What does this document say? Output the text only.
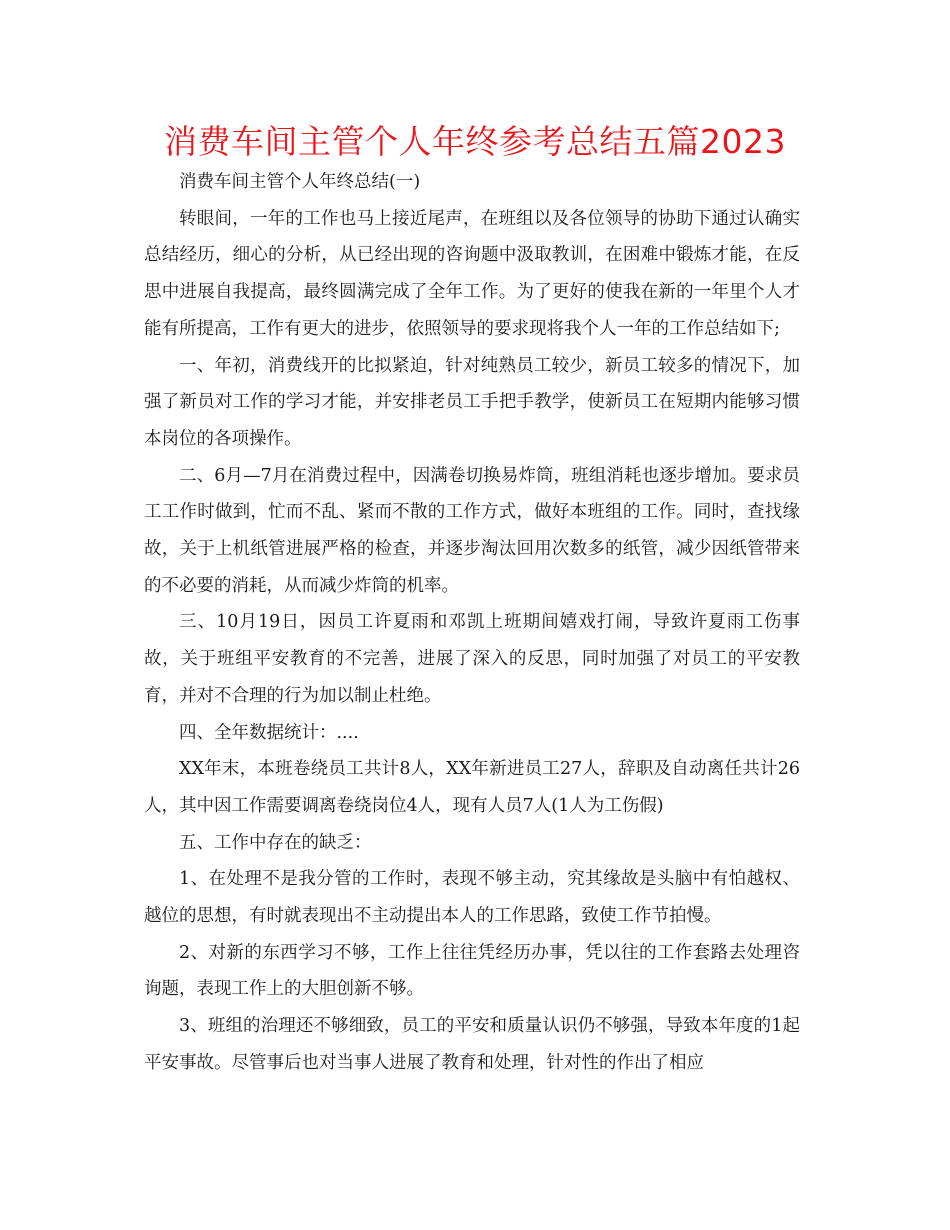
消费车间主管个人年终参考总结五篇2023

消费车间主管个人年终总结(一)

转眼间，一年的工作也马上接近尾声，在班组以及各位领导的协助下通过认确实总结经历，细心的分析，从已经出现的咨询题中汲取教训，在困难中锻炼才能，在反思中进展自我提高，最终圆满完成了全年工作。为了更好的使我在新的一年里个人才能有所提高，工作有更大的进步，依照领导的要求现将我个人一年的工作总结如下;

一、年初，消费线开的比拟紧迫，针对纯熟员工较少，新员工较多的情况下，加强了新员对工作的学习才能，并安排老员工手把手教学，使新员工在短期内能够习惯本岗位的各项操作。

二、6月—7月在消费过程中，因满卷切换易炸筒，班组消耗也逐步增加。要求员工工作时做到，忙而不乱、紧而不散的工作方式，做好本班组的工作。同时，查找缘故，关于上机纸管进展严格的检查，并逐步淘汰回用次数多的纸管，减少因纸管带来的不必要的消耗，从而减少炸筒的机率。

三、10月19日，因员工许夏雨和邓凯上班期间嬉戏打闹，导致许夏雨工伤事故，关于班组平安教育的不完善，进展了深入的反思，同时加强了对员工的平安教育，并对不合理的行为加以制止杜绝。

四、全年数据统计：....

XX年末，本班卷绕员工共计8人，XX年新进员工27人，辞职及自动离任共计26人，其中因工作需要调离卷绕岗位4人，现有人员7人(1人为工伤假)

五、工作中存在的缺乏：

1、在处理不是我分管的工作时，表现不够主动，究其缘故是头脑中有怕越权、越位的思想，有时就表现出不主动提出本人的工作思路，致使工作节拍慢。

2、对新的东西学习不够，工作上往往凭经历办事，凭以往的工作套路去处理咨询题，表现工作上的大胆创新不够。

3、班组的治理还不够细致，员工的平安和质量认识仍不够强，导致本年度的1起平安事故。尽管事后也对当事人进展了教育和处理，针对性的作出了相应
